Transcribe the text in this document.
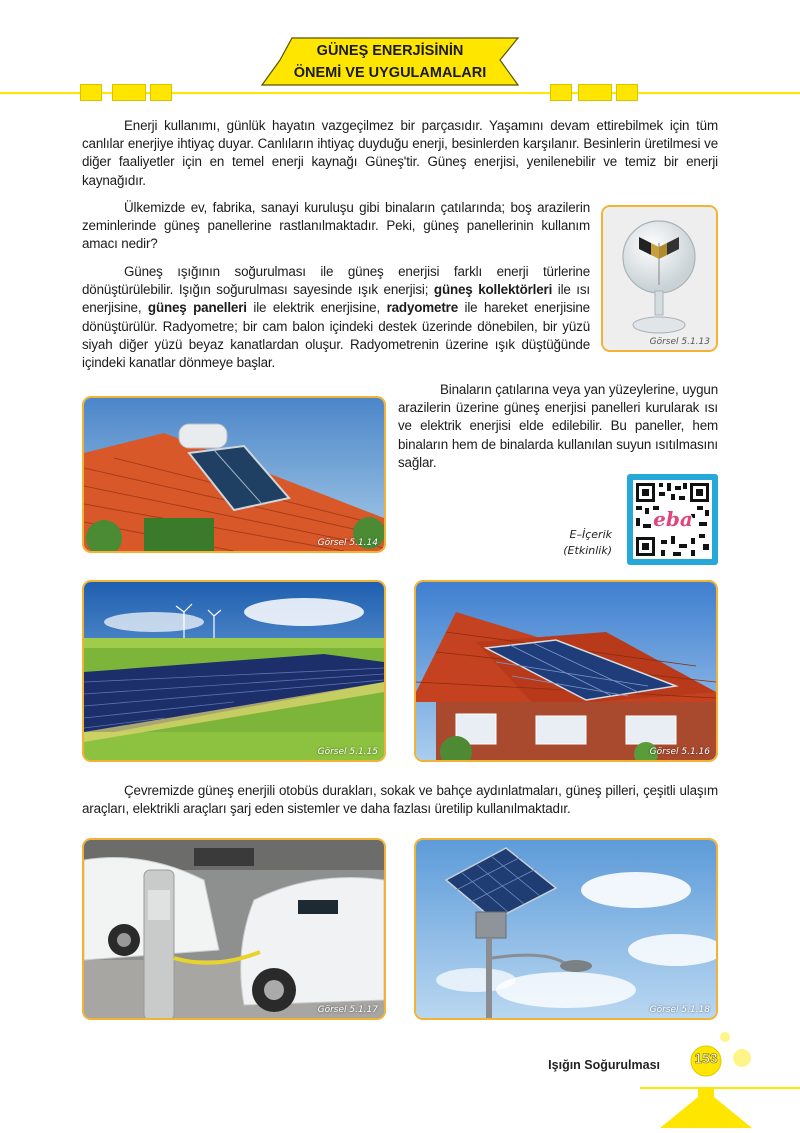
GÜNEŞ ENERJİSİNİN
ÖNEMİ VE UYGULAMALARI

Enerji kullanımı, günlük hayatın vazgeçilmez bir parçasıdır. Yaşamını devam ettirebilmek için tüm canlılar enerjiye ihtiyaç duyar. Canlıların ihtiyaç duyduğu enerji, besinlerden karşılanır. Besinlerin üretilmesi ve diğer faaliyetler için en temel enerji kaynağı Güneş'tir. Güneş enerjisi, yenilenebilir ve temiz bir enerji kaynağıdır.

Ülkemizde ev, fabrika, sanayi kuruluşu gibi binaların çatılarında; boş arazilerin zeminlerinde güneş panellerine rastlanılmaktadır. Peki, güneş panellerinin kullanım amacı nedir?

Güneş ışığının soğurulması ile güneş enerjisi farklı enerji türlerine dönüştürülebilir. Işığın soğurulması sayesinde ışık enerjisi; güneş kollektörleri ile ısı enerjisine, güneş panelleri ile elektrik enerjisine, radyometre ile hareket enerjisine dönüştürülür. Radyometre; bir cam balon içindeki destek üzerinde dönebilen, bir yüzü siyah diğer yüzü beyaz kanatlardan oluşur. Radyometrenin üzerine ışık düştüğünde içindeki kanatlar dönmeye başlar.

Binaların çatılarına veya yan yüzeylerine, uygun arazilerin üzerine güneş enerjisi panelleri kurularak ısı ve elektrik enerjisi elde edilebilir. Bu paneller, hem binaların hem de binalarda kullanılan suyun ısıtılmasını sağlar.

Çevremizde güneş enerjili otobüs durakları, sokak ve bahçe aydınlatmaları, güneş pilleri, çeşitli ulaşım araçları, elektrikli araçları şarj eden sistemler ve daha fazlası üretilip kullanılmaktadır.

Görsel 5.1.13
Görsel 5.1.14
E–İçerik
(Etkinlik)
eba
Görsel 5.1.15	Görsel 5.1.16
Görsel 5.1.17	Görsel 5.1.18
Işığın Soğurulması 153
